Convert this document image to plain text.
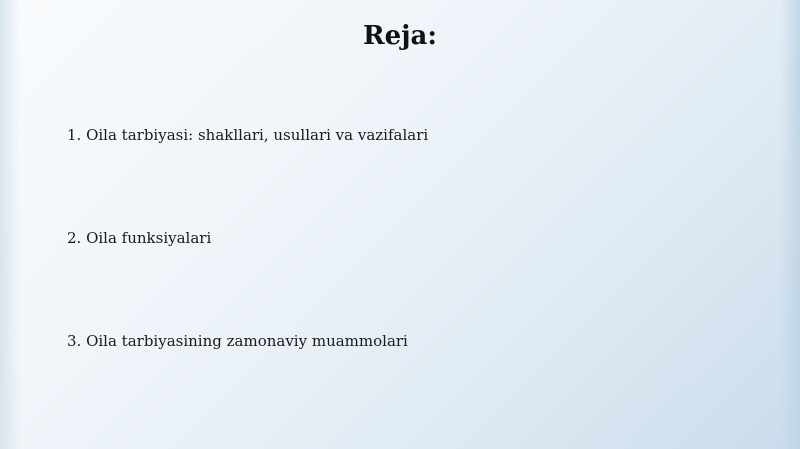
Reja:
1. Oila tarbiyasi: shakllari, usullari va vazifalari
2. Oila funksiyalari
3. Oila tarbiyasining zamonaviy muammolari
